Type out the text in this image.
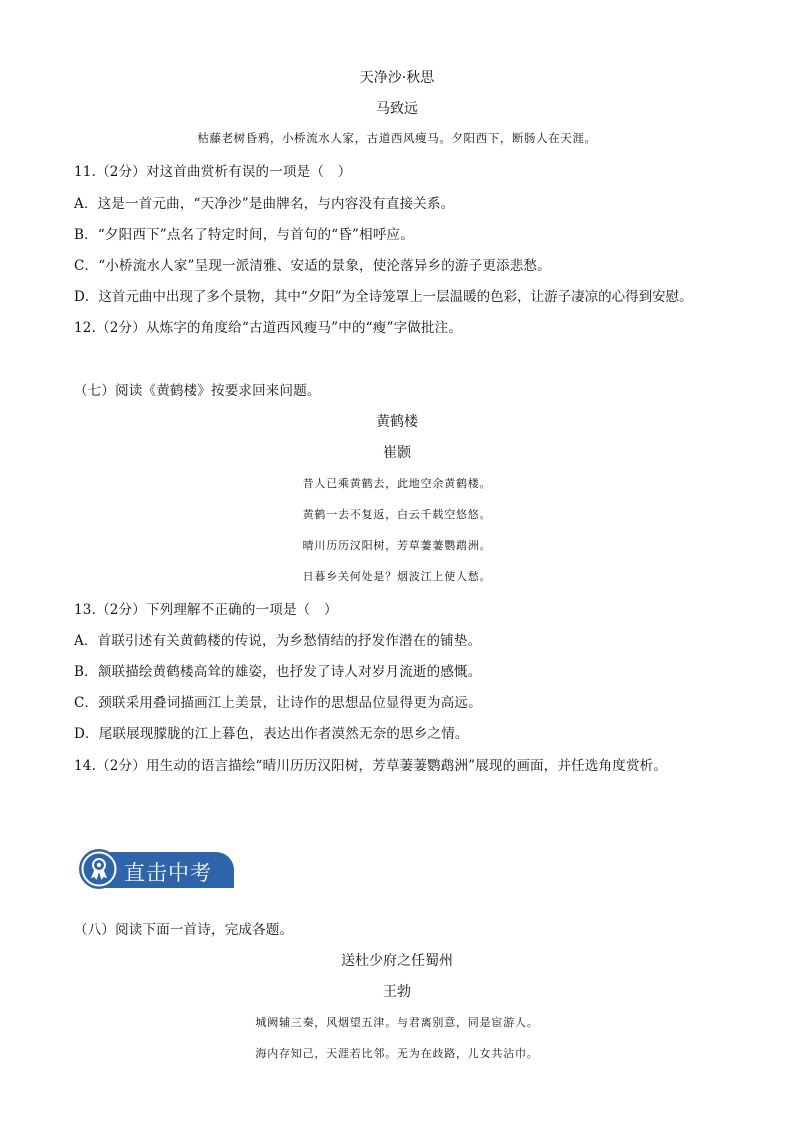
天净沙·秋思
马致远
枯藤老树昏鸦，小桥流水人家，古道西风瘦马。夕阳西下，断肠人在天涯。
11.（2分）对这首曲赏析有误的一项是（　）
A．这是一首元曲，“天净沙”是曲牌名，与内容没有直接关系。
B．“夕阳西下”点名了特定时间，与首句的“昏”相呼应。
C．“小桥流水人家”呈现一派清雅、安适的景象，使沦落异乡的游子更添悲愁。
D．这首元曲中出现了多个景物，其中“夕阳”为全诗笼罩上一层温暖的色彩，让游子凄凉的心得到安慰。
12.（2分）从炼字的角度给“古道西风瘦马”中的“瘦”字做批注。
（七）阅读《黄鹤楼》按要求回来问题。
黄鹤楼
崔颢
昔人已乘黄鹤去，此地空余黄鹤楼。
黄鹤一去不复返，白云千载空悠悠。
晴川历历汉阳树，芳草萋萋鹦鹉洲。
日暮乡关何处是？烟波江上使人愁。
13.（2分）下列理解不正确的一项是（　）
A．首联引述有关黄鹤楼的传说，为乡愁情结的抒发作潜在的铺垫。
B．颔联描绘黄鹤楼高耸的雄姿，也抒发了诗人对岁月流逝的感慨。
C．颈联采用叠词描画江上美景，让诗作的思想品位显得更为高远。
D．尾联展现朦胧的江上暮色，表达出作者漠然无奈的思乡之情。
14.（2分）用生动的语言描绘“晴川历历汉阳树，芳草萋萋鹦鹉洲”展现的画面，并任选角度赏析。
直击中考
（八）阅读下面一首诗，完成各题。
送杜少府之任蜀州
王勃
城阙辅三秦，风烟望五津。与君离别意，同是宦游人。
海内存知己，天涯若比邻。无为在歧路，儿女共沾巾。
